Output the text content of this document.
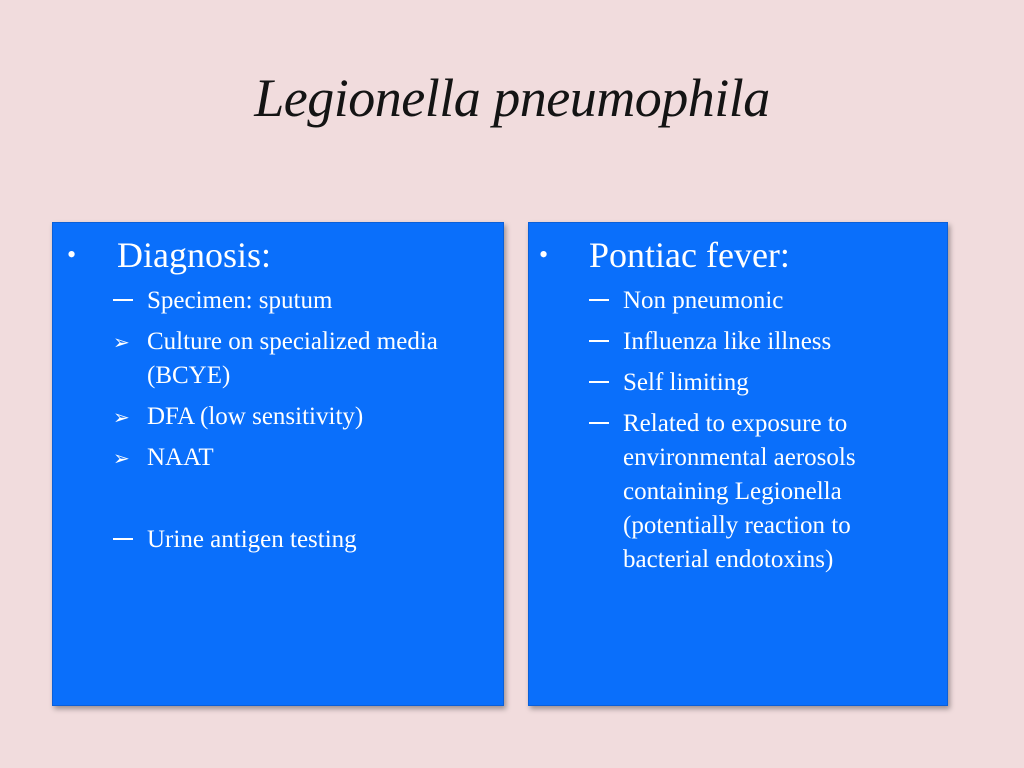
Legionella pneumophila
• Diagnosis:
Specimen: sputum
➢ Culture on specialized media (BCYE)
➢ DFA (low sensitivity)
➢ NAAT
Urine antigen testing
• Pontiac fever:
Non pneumonic
Influenza like illness
Self limiting
Related to exposure to environmental aerosols containing Legionella (potentially reaction to bacterial endotoxins)
